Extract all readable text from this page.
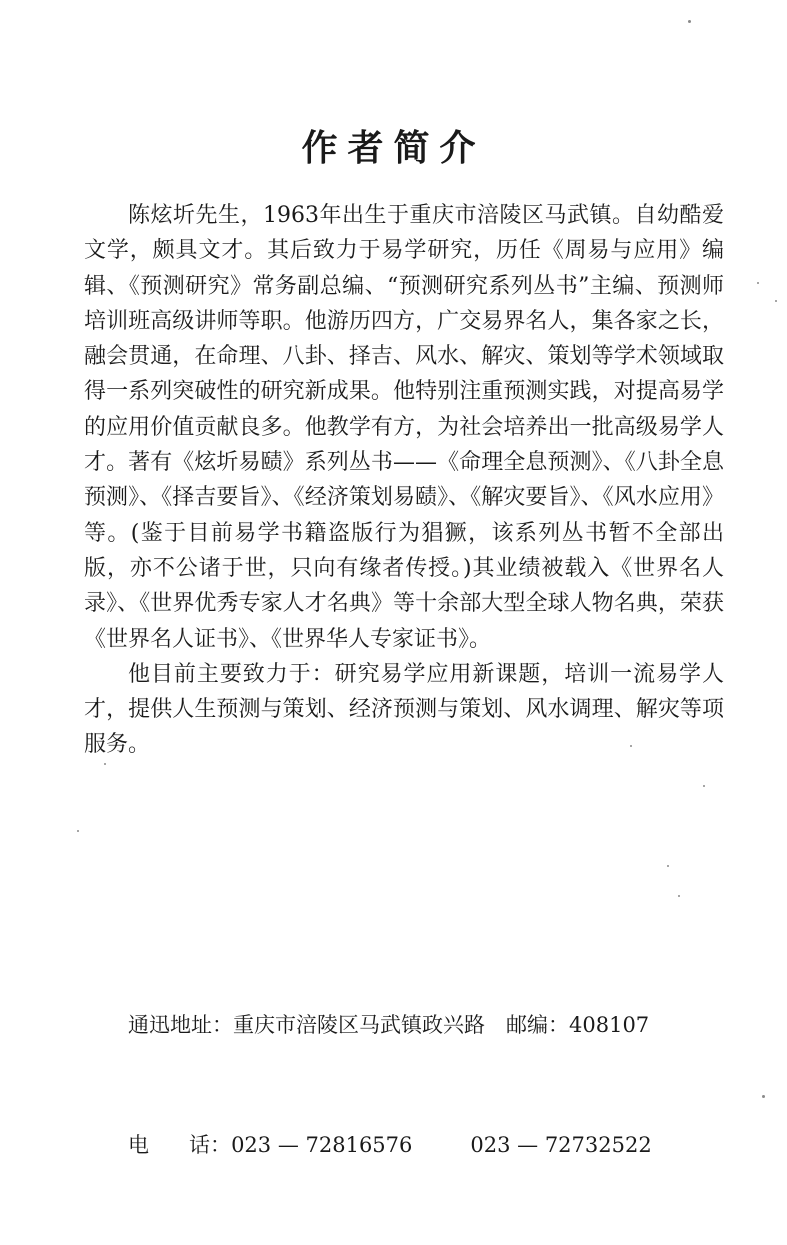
作者简介

陈炫圻先生，1963年出生于重庆市涪陵区马武镇。自幼酷爱文学，颇具文才。其后致力于易学研究，历任《周易与应用》编辑、《预测研究》常务副总编、“预测研究系列丛书”主编、预测师培训班高级讲师等职。他游历四方，广交易界名人，集各家之长，融会贯通，在命理、八卦、择吉、风水、解灾、策划等学术领域取得一系列突破性的研究新成果。他特别注重预测实践，对提高易学的应用价值贡献良多。他教学有方，为社会培养出一批高级易学人才。著有《炫圻易赜》系列丛书——《命理全息预测》、《八卦全息预测》、《择吉要旨》、《经济策划易赜》、《解灾要旨》、《风水应用》等。(鉴于目前易学书籍盗版行为猖獗，该系列丛书暂不全部出版，亦不公诸于世，只向有缘者传授。)其业绩被载入《世界名人录》、《世界优秀专家人才名典》等十余部大型全球人物名典，荣获《世界名人证书》、《世界华人专家证书》。

他目前主要致力于：研究易学应用新课题，培训一流易学人才，提供人生预测与策划、经济预测与策划、风水调理、解灾等项服务。

通迅地址： 重庆市涪陵区马武镇政兴路 邮编： 408107

电      话： 023 — 72816576	023 — 72732522
